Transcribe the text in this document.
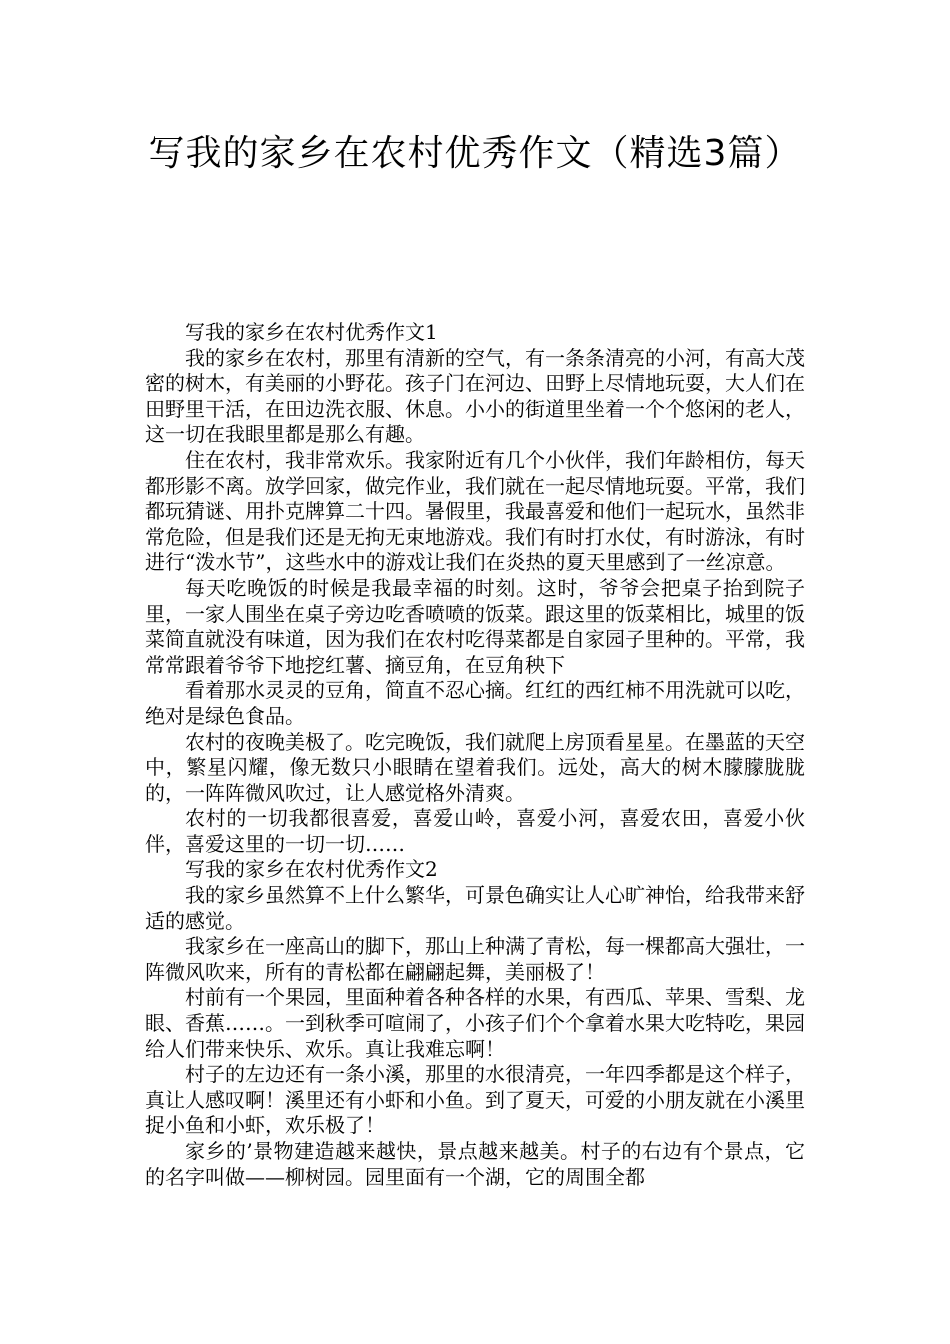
写我的家乡在农村优秀作文（精选3篇）

写我的家乡在农村优秀作文1

我的家乡在农村，那里有清新的空气，有一条条清亮的小河，有高大茂密的树木，有美丽的小野花。孩子门在河边、田野上尽情地玩耍，大人们在田野里干活，在田边洗衣服、休息。小小的街道里坐着一个个悠闲的老人，这一切在我眼里都是那么有趣。

住在农村，我非常欢乐。我家附近有几个小伙伴，我们年龄相仿，每天都形影不离。放学回家，做完作业，我们就在一起尽情地玩耍。平常，我们都玩猜谜、用扑克牌算二十四。暑假里，我最喜爱和他们一起玩水，虽然非常危险，但是我们还是无拘无束地游戏。我们有时打水仗，有时游泳，有时进行“泼水节”，这些水中的游戏让我们在炎热的夏天里感到了一丝凉意。

每天吃晚饭的时候是我最幸福的时刻。这时，爷爷会把桌子抬到院子里，一家人围坐在桌子旁边吃香喷喷的饭菜。跟这里的饭菜相比，城里的饭菜简直就没有味道，因为我们在农村吃得菜都是自家园子里种的。平常，我常常跟着爷爷下地挖红薯、摘豆角，在豆角秧下

看着那水灵灵的豆角，简直不忍心摘。红红的西红柿不用洗就可以吃，绝对是绿色食品。

农村的夜晚美极了。吃完晚饭，我们就爬上房顶看星星。在墨蓝的天空中，繁星闪耀，像无数只小眼睛在望着我们。远处，高大的树木朦朦胧胧的，一阵阵微风吹过，让人感觉格外清爽。

农村的一切我都很喜爱，喜爱山岭，喜爱小河，喜爱农田，喜爱小伙伴，喜爱这里的一切一切……

写我的家乡在农村优秀作文2

我的家乡虽然算不上什么繁华，可景色确实让人心旷神怡，给我带来舒适的感觉。

我家乡在一座高山的脚下，那山上种满了青松，每一棵都高大强壮，一阵微风吹来，所有的青松都在翩翩起舞，美丽极了！

村前有一个果园，里面种着各种各样的水果，有西瓜、苹果、雪梨、龙眼、香蕉……。一到秋季可喧闹了，小孩子们个个拿着水果大吃特吃，果园给人们带来快乐、欢乐。真让我难忘啊！

村子的左边还有一条小溪，那里的水很清亮，一年四季都是这个样子，真让人感叹啊！溪里还有小虾和小鱼。到了夏天，可爱的小朋友就在小溪里捉小鱼和小虾，欢乐极了！

家乡的’景物建造越来越快，景点越来越美。村子的右边有个景点，它的名字叫做——柳树园。园里面有一个湖，它的周围全都
